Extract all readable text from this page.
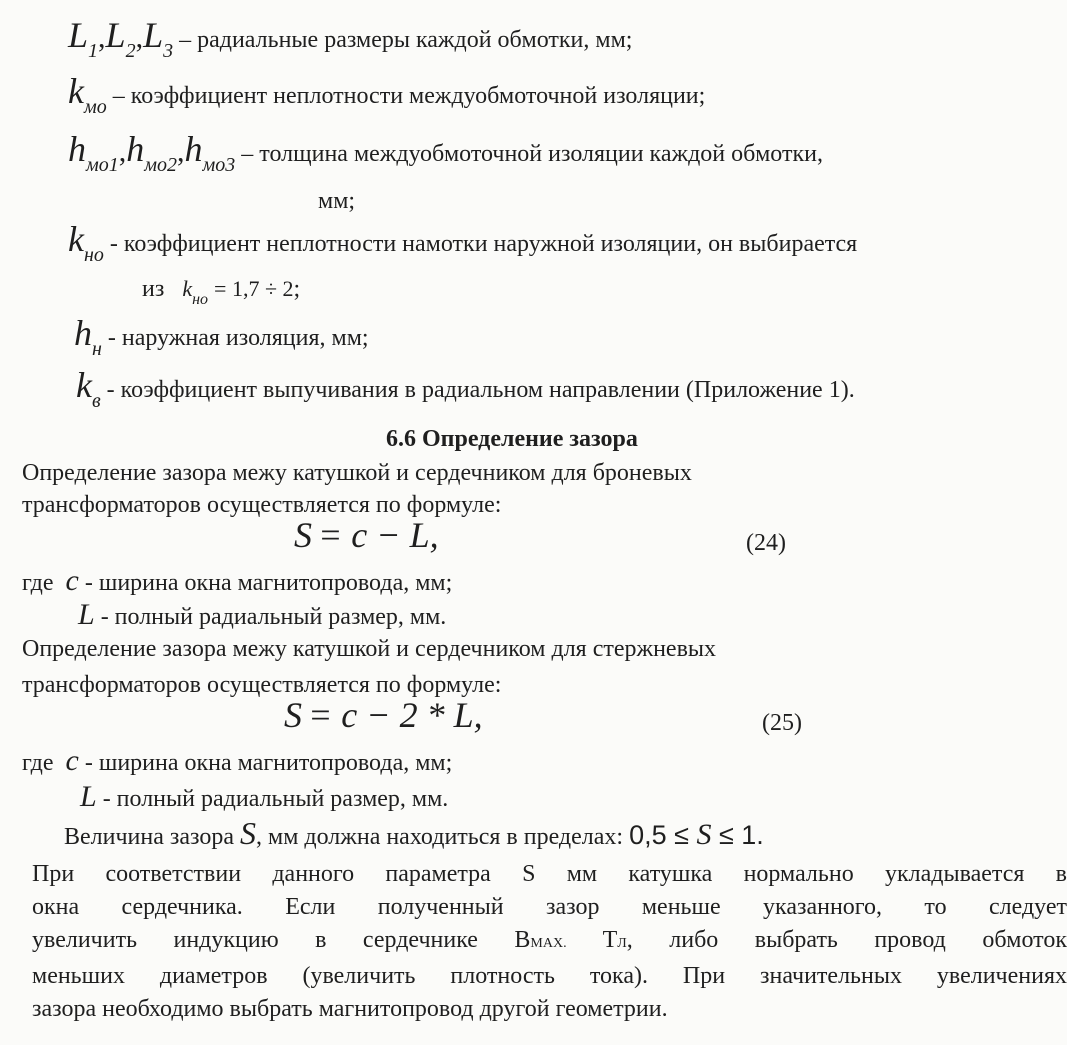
$L_1,L_2,L_3$ – радиальные размеры каждой обмотки, мм;
$k_{мо}$ – коэффициент неплотности междуобмоточной изоляции;
$h_{мо1},h_{мо2},h_{мо3}$ – толщина междуобмоточной изоляции каждой обмотки,
мм;
$k_{но}$ - коэффициент неплотности намотки наружной изоляции, он выбирается
из $k_{но} = 1,7 \div 2$;
$h_н$ - наружная изоляция, мм;
$k_в$ - коэффициент выпучивания в радиальном направлении (Приложение 1).
6.6 Определение зазора
Определение зазора межу катушкой и сердечником для броневых
трансформаторов осуществляется по формуле:
S = c − L,	(24)
где c - ширина окна магнитопровода, мм;
L - полный радиальный размер, мм.
Определение зазора межу катушкой и сердечником для стержневых
трансформаторов осуществляется по формуле:
S = c − 2 * L,	(25)
где c - ширина окна магнитопровода, мм;
L - полный радиальный размер, мм.
Величина зазора S, мм должна находиться в пределах: 0,5 ≤ S ≤ 1.
При соответствии данного параметра S мм катушка нормально укладывается в
окна сердечника. Если полученный зазор меньше указанного, то следует
увеличить индукцию в сердечнике BMAX. TЛ, либо выбрать провод обмоток
меньших диаметров (увеличить плотность тока). При значительных увеличениях
зазора необходимо выбрать магнитопровод другой геометрии.
